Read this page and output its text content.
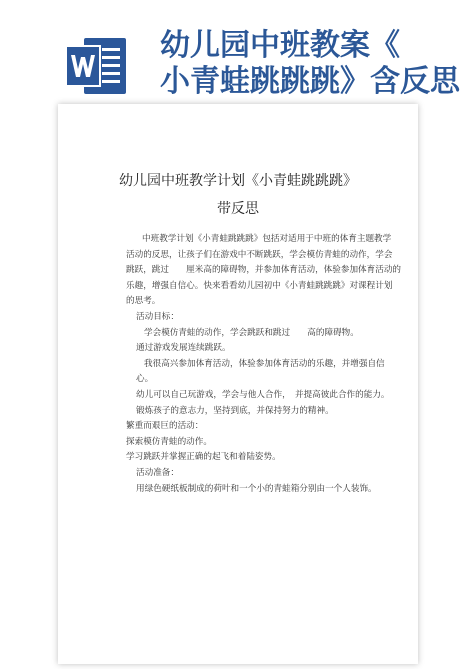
幼儿园中班教案《
小青蛙跳跳跳》含反思
幼儿园中班教学计划《小青蛙跳跳跳》
带反思
中班教学计划《小青蛙跳跳跳》包括对适用于中班的体育主题教学
活动的反思，让孩子们在游戏中不断跳跃，学会模仿青蛙的动作，学会
跳跃，跳过　　厘米高的障碍物，并参加体育活动，体验参加体育活动的
乐趣，增强自信心。快来看看幼儿园初中《小青蛙跳跳跳》对课程计划
的思考。
活动目标：
学会模仿青蛙的动作，学会跳跃和跳过　　高的障碍物。
通过游戏发展连续跳跃。
我很高兴参加体育活动，体验参加体育活动的乐趣，并增强自信
心。
幼儿可以自己玩游戏，学会与他人合作，　并提高彼此合作的能力。
锻炼孩子的意志力，坚持到底，并保持努力的精神。
繁重而艰巨的活动：
探索模仿青蛙的动作。
学习跳跃并掌握正确的起飞和着陆姿势。
活动准备：
用绿色硬纸板制成的荷叶和一个小的青蛙箱分别由一个人装饰。
